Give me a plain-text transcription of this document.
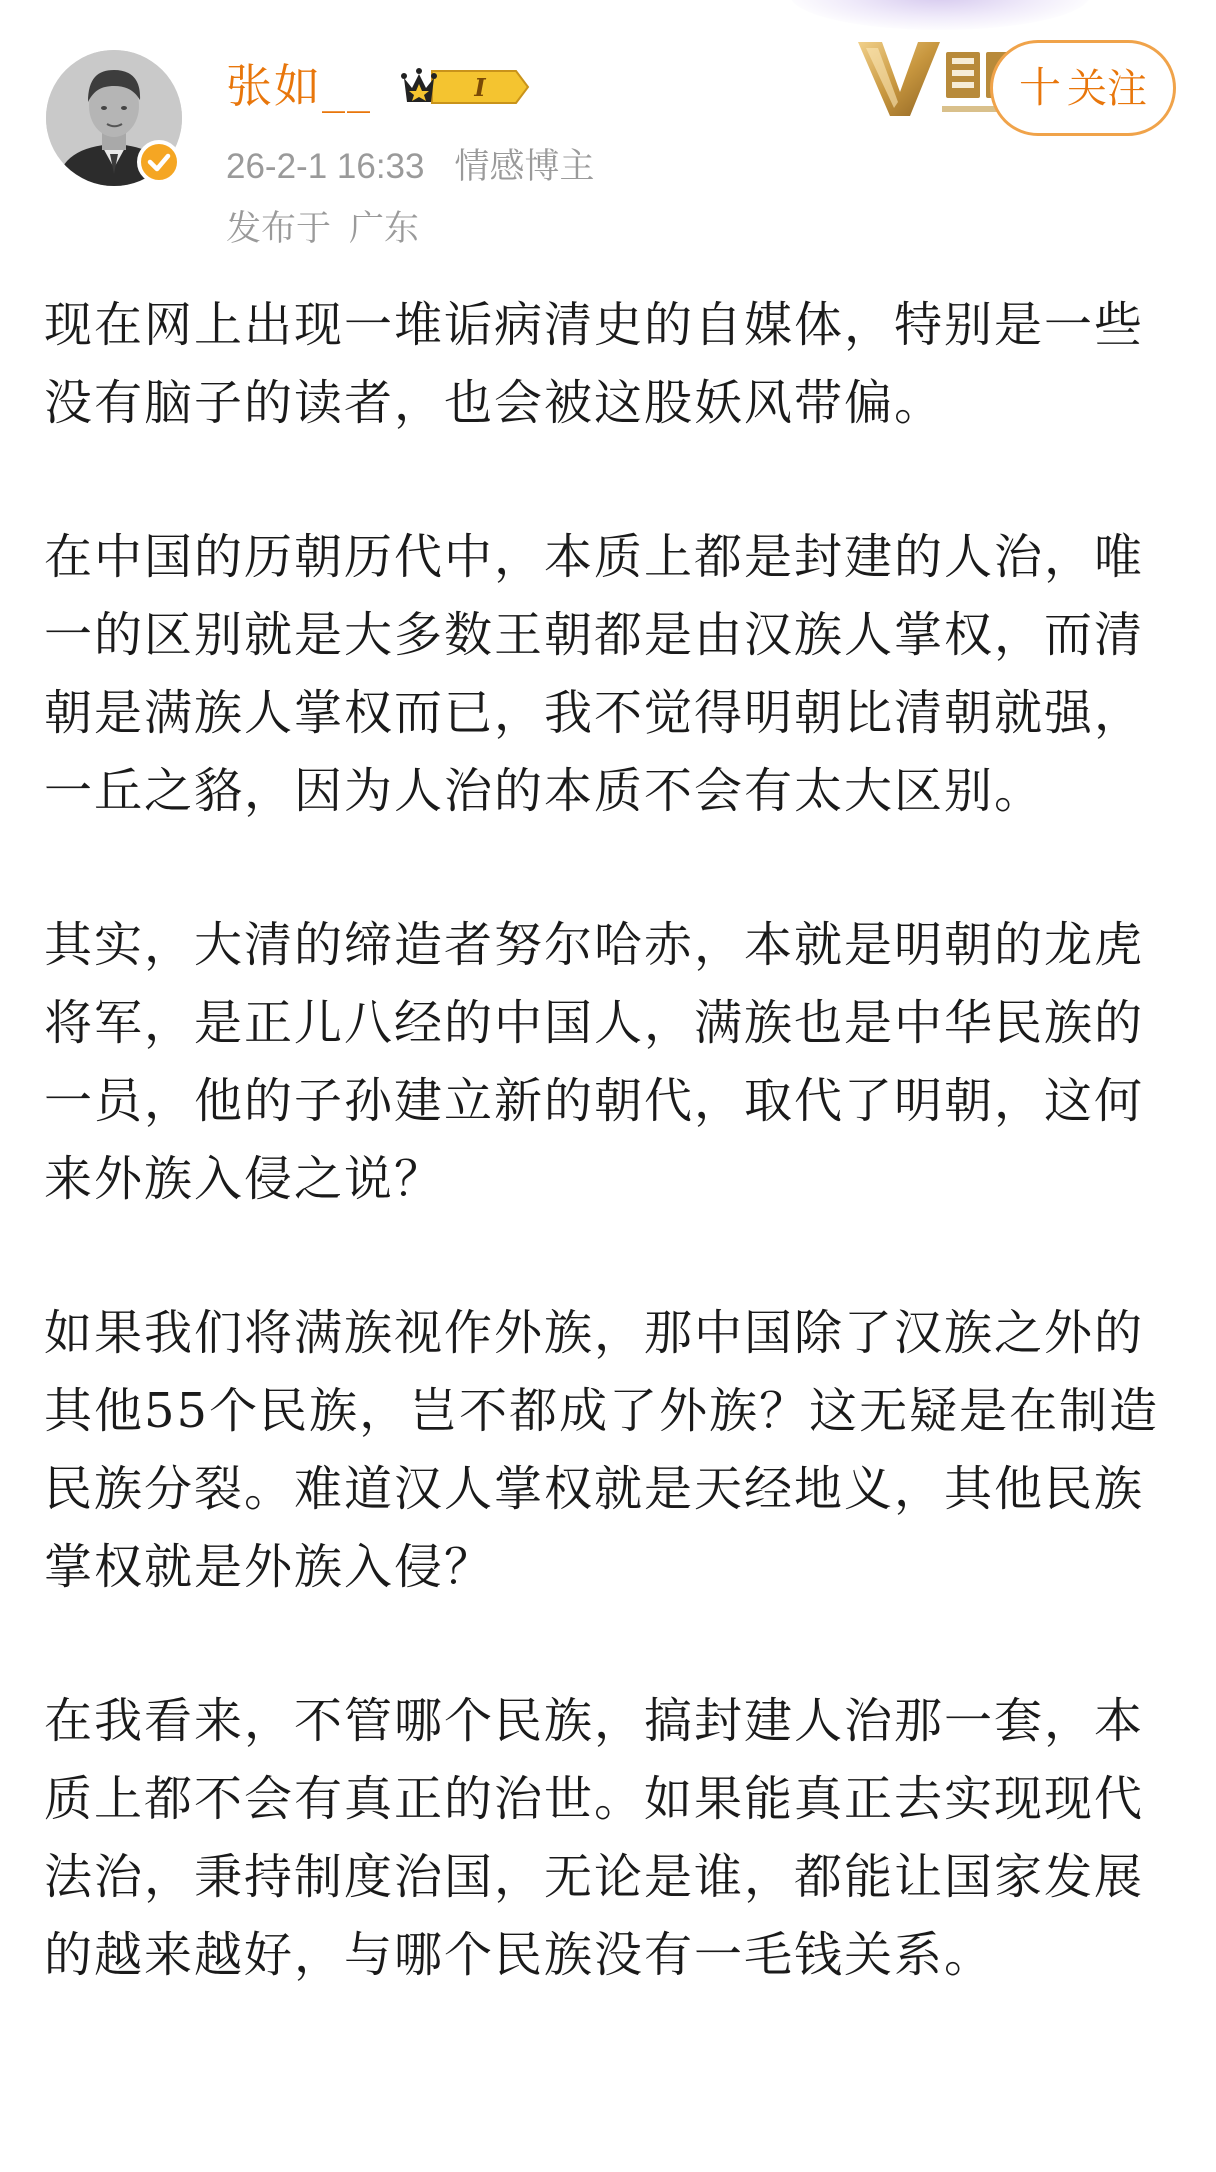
张如__	I
26-2-1 16:33 情感博主
发布于 广东
十 关注

现在网上出现一堆诟病清史的自媒体，特别是一些没有脑子的读者，也会被这股妖风带偏。

在中国的历朝历代中，本质上都是封建的人治，唯一的区别就是大多数王朝都是由汉族人掌权，而清朝是满族人掌权而已，我不觉得明朝比清朝就强，一丘之貉，因为人治的本质不会有太大区别。

其实，大清的缔造者努尔哈赤，本就是明朝的龙虎将军，是正儿八经的中国人，满族也是中华民族的一员，他的子孙建立新的朝代，取代了明朝，这何来外族入侵之说？

如果我们将满族视作外族，那中国除了汉族之外的其他55个民族，岂不都成了外族？这无疑是在制造民族分裂。难道汉人掌权就是天经地义，其他民族掌权就是外族入侵？

在我看来，不管哪个民族，搞封建人治那一套，本质上都不会有真正的治世。如果能真正去实现现代法治，秉持制度治国，无论是谁，都能让国家发展的越来越好，与哪个民族没有一毛钱关系。
